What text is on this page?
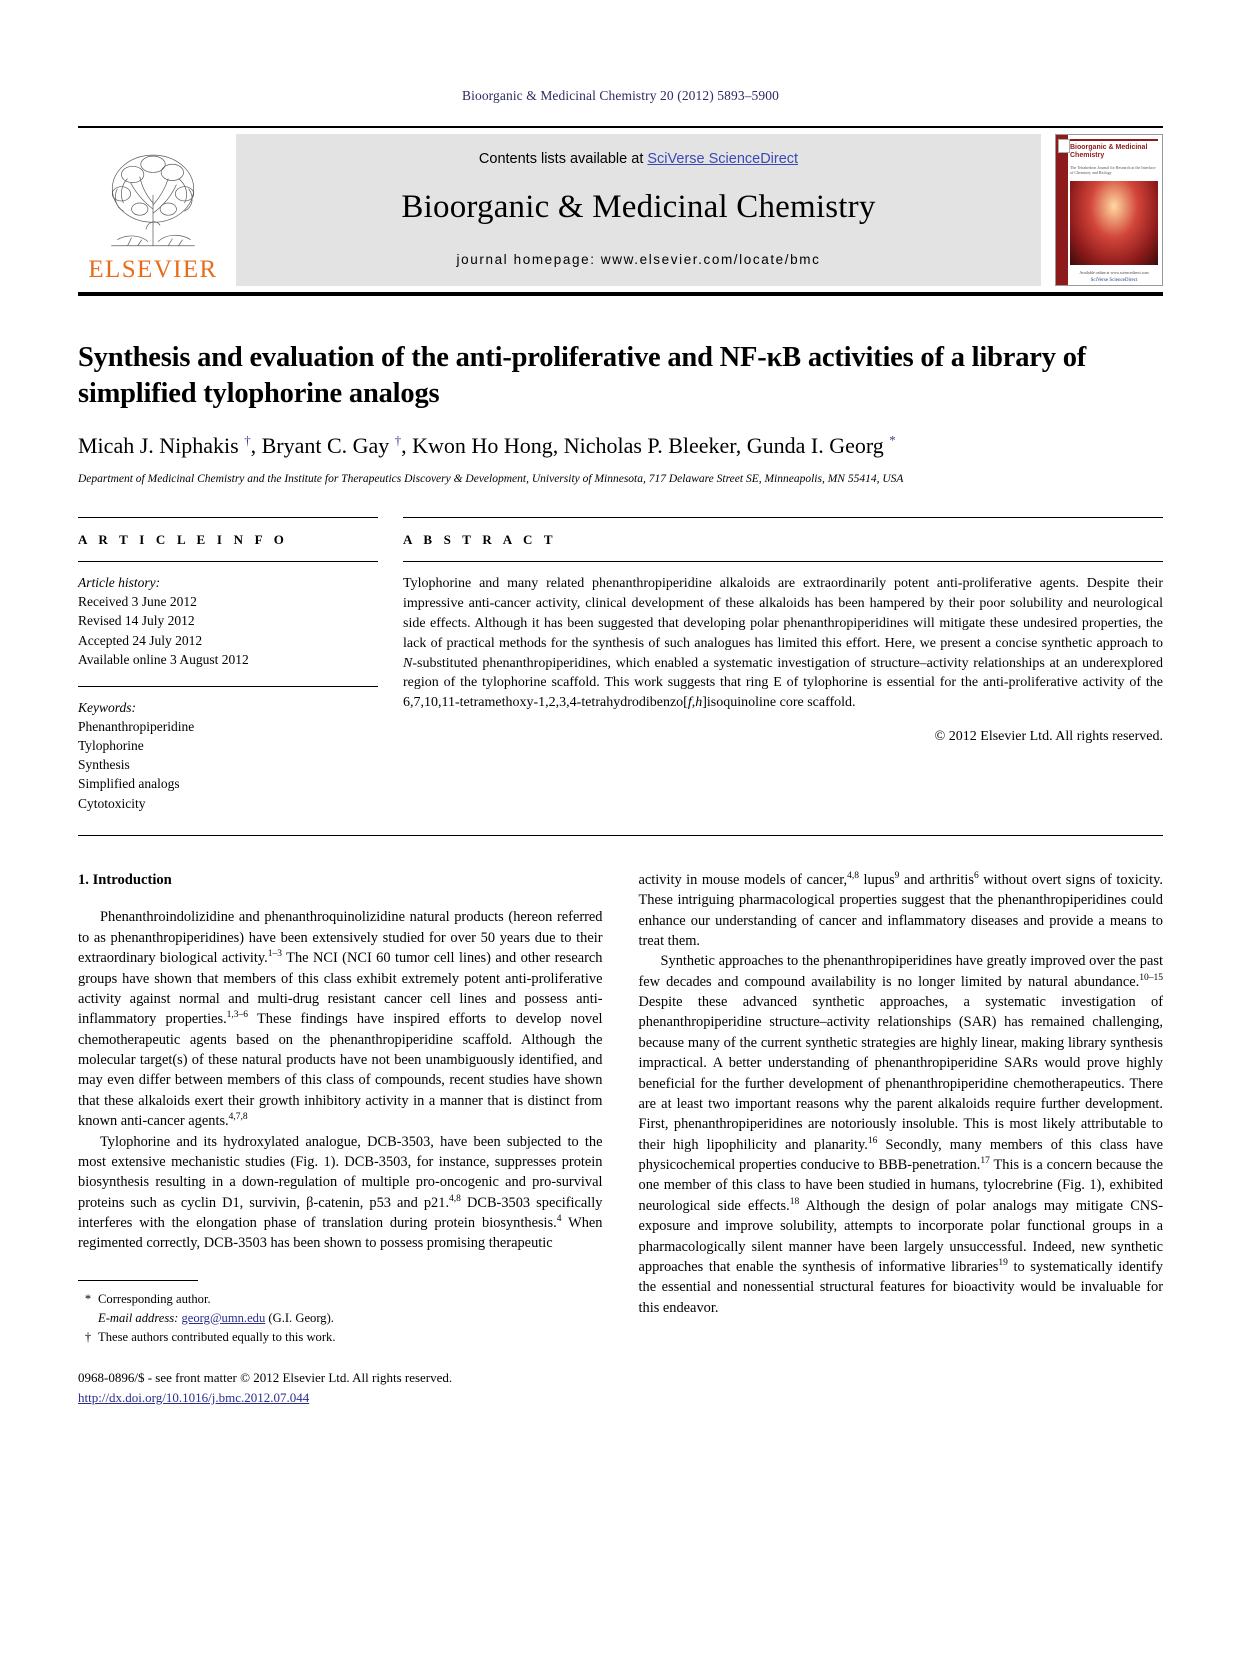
Bioorganic & Medicinal Chemistry 20 (2012) 5893–5900
ELSEVIER
Contents lists available at SciVerse ScienceDirect
Bioorganic & Medicinal Chemistry
journal homepage: www.elsevier.com/locate/bmc
Bioorganic & Medicinal Chemistry
The Tetrahedron Journal for Research at the Interface of Chemistry and Biology
Available online at www.sciencedirect.com
SciVerse ScienceDirect
Synthesis and evaluation of the anti-proliferative and NF-κB activities of a library of simplified tylophorine analogs
Micah J. Niphakis †, Bryant C. Gay †, Kwon Ho Hong, Nicholas P. Bleeker, Gunda I. Georg *
Department of Medicinal Chemistry and the Institute for Therapeutics Discovery & Development, University of Minnesota, 717 Delaware Street SE, Minneapolis, MN 55414, USA
A R T I C L E I N F O
Article history:
Received 3 June 2012
Revised 14 July 2012
Accepted 24 July 2012
Available online 3 August 2012
Keywords:
Phenanthropiperidine
Tylophorine
Synthesis
Simplified analogs
Cytotoxicity
A B S T R A C T
Tylophorine and many related phenanthropiperidine alkaloids are extraordinarily potent anti-proliferative agents. Despite their impressive anti-cancer activity, clinical development of these alkaloids has been hampered by their poor solubility and neurological side effects. Although it has been suggested that developing polar phenanthropiperidines will mitigate these undesired properties, the lack of practical methods for the synthesis of such analogues has limited this effort. Here, we present a concise synthetic approach to N-substituted phenanthropiperidines, which enabled a systematic investigation of structure–activity relationships at an underexplored region of the tylophorine scaffold. This work suggests that ring E of tylophorine is essential for the anti-proliferative activity of the 6,7,10,11-tetramethoxy-1,2,3,4-tetrahydrodibenzo[f,h]isoquinoline core scaffold.
© 2012 Elsevier Ltd. All rights reserved.
1. Introduction

Phenanthroindolizidine and phenanthroquinolizidine natural products (hereon referred to as phenanthropiperidines) have been extensively studied for over 50 years due to their extraordinary biological activity.$^{1-3}$ The NCI (NCI 60 tumor cell lines) and other research groups have shown that members of this class exhibit extremely potent anti-proliferative activity against normal and multi-drug resistant cancer cell lines and possess anti-inflammatory properties.$^{1,3-6}$ These findings have inspired efforts to develop novel chemotherapeutic agents based on the phenanthropiperidine scaffold. Although the molecular target(s) of these natural products have not been unambiguously identified, and may even differ between members of this class of compounds, recent studies have shown that these alkaloids exert their growth inhibitory activity in a manner that is distinct from known anti-cancer agents.$^{4,7,8}$

Tylophorine and its hydroxylated analogue, DCB-3503, have been subjected to the most extensive mechanistic studies (Fig. 1). DCB-3503, for instance, suppresses protein biosynthesis resulting in a down-regulation of multiple pro-oncogenic and pro-survival proteins such as cyclin D1, survivin, β-catenin, p53 and p21.$^{4,8}$ DCB-3503 specifically interferes with the elongation phase of translation during protein biosynthesis.$^4$ When regimented correctly, DCB-3503 has been shown to possess promising therapeutic

* Corresponding author.
E-mail address: georg@umn.edu (G.I. Georg).
† These authors contributed equally to this work.

activity in mouse models of cancer,$^{4,8}$ lupus$^9$ and arthritis$^6$ without overt signs of toxicity. These intriguing pharmacological properties suggest that the phenanthropiperidines could enhance our understanding of cancer and inflammatory diseases and provide a means to treat them.

Synthetic approaches to the phenanthropiperidines have greatly improved over the past few decades and compound availability is no longer limited by natural abundance.$^{10-15}$ Despite these advanced synthetic approaches, a systematic investigation of phenanthropiperidine structure–activity relationships (SAR) has remained challenging, because many of the current synthetic strategies are highly linear, making library synthesis impractical. A better understanding of phenanthropiperidine SARs would prove highly beneficial for the further development of phenanthropiperidine chemotherapeutics. There are at least two important reasons why the parent alkaloids require further development. First, phenanthropiperidines are notoriously insoluble. This is most likely attributable to their high lipophilicity and planarity.$^{16}$ Secondly, many members of this class have physicochemical properties conducive to BBB-penetration.$^{17}$ This is a concern because the one member of this class to have been studied in humans, tylocrebrine (Fig. 1), exhibited neurological side effects.$^{18}$ Although the design of polar analogs may mitigate CNS-exposure and improve solubility, attempts to incorporate polar functional groups in a pharmacologically silent manner have been largely unsuccessful. Indeed, new synthetic approaches that enable the synthesis of informative libraries$^{19}$ to systematically identify the essential and nonessential structural features for bioactivity would be invaluable for this endeavor.

0968-0896/$ - see front matter © 2012 Elsevier Ltd. All rights reserved.
http://dx.doi.org/10.1016/j.bmc.2012.07.044
